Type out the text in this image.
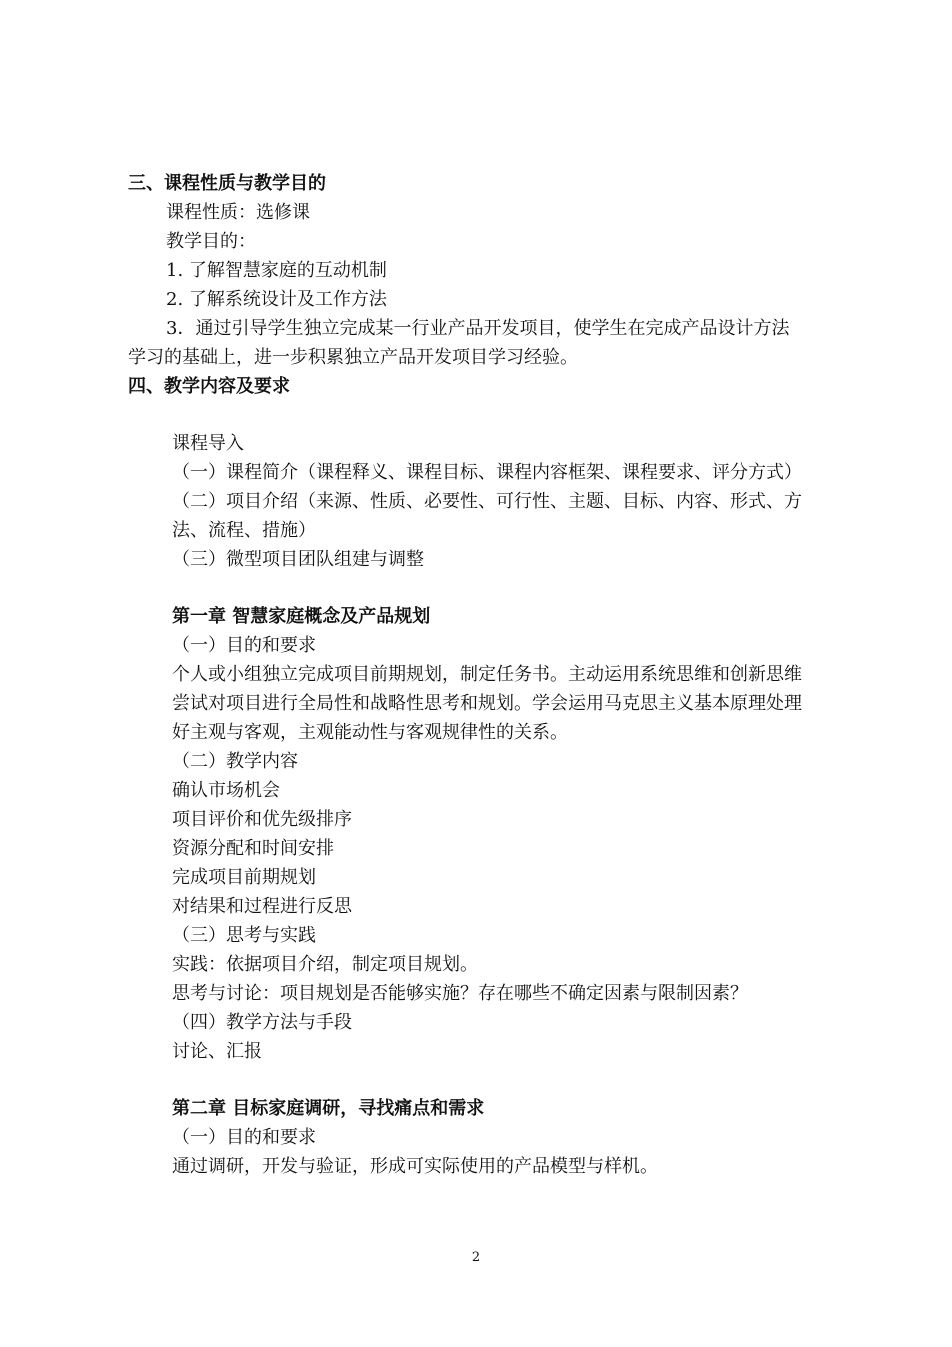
三、课程性质与教学目的
课程性质：选修课
教学目的：
1. 了解智慧家庭的互动机制
2. 了解系统设计及工作方法
3．通过引导学生独立完成某一行业产品开发项目，使学生在完成产品设计方法
学习的基础上，进一步积累独立产品开发项目学习经验。
四、教学内容及要求
课程导入
（一）课程简介（课程释义、课程目标、课程内容框架、课程要求、评分方式）
（二）项目介绍（来源、性质、必要性、可行性、主题、目标、内容、形式、方
法、流程、措施）
（三）微型项目团队组建与调整
第一章 智慧家庭概念及产品规划
（一）目的和要求
个人或小组独立完成项目前期规划，制定任务书。主动运用系统思维和创新思维
尝试对项目进行全局性和战略性思考和规划。学会运用马克思主义基本原理处理
好主观与客观，主观能动性与客观规律性的关系。
（二）教学内容
确认市场机会
项目评价和优先级排序
资源分配和时间安排
完成项目前期规划
对结果和过程进行反思
（三）思考与实践
实践：依据项目介绍，制定项目规划。
思考与讨论：项目规划是否能够实施？存在哪些不确定因素与限制因素？
（四）教学方法与手段
讨论、汇报
第二章 目标家庭调研，寻找痛点和需求
（一）目的和要求
通过调研，开发与验证，形成可实际使用的产品模型与样机。
2
